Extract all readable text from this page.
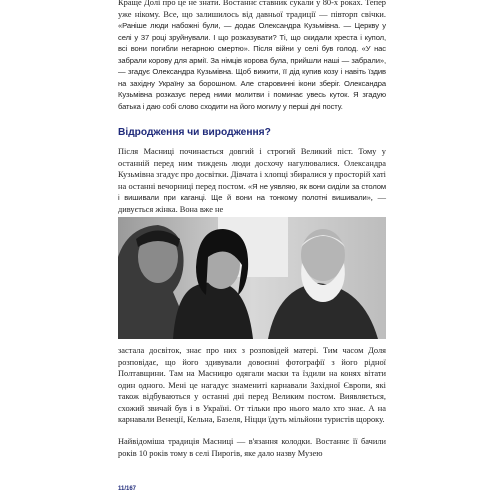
Краще Долі про це не знати. Востаннє ставник сукали у 80-х роках. Тепер уже нікому. Все, що залишилось від давньої традиції — півторп свічки. «Раніше люди набожні були, — додає Олександра Кузьмівна. — Церкву у селі у 37 році зруйнували. І що розказувати? Ті, що скидали хреста і купол, всі вони погибли негарною смертю». Після війни у селі був голод. «У нас забрали корову для армії. За німців корова була, прийшли наші — забрали», — згадує Олександра Кузьмівна. Щоб вижити, її дід купив козу і навіть їздив на захiдну Україну за борошном. Але старовинні ікони зберіг. Олександра Кузьмівна розказує перед ними молитви і поминає увесь куток. Я згадую батька і даю собі слово сходити на його могилу у перші дні посту.

Відродження чи виродження?

Після Масниці починається довгий і строгий Великий піст. Тому у останній перед ним тиждень люди досхочу нагулювалися. Олександра Кузьмівна згадує про досвітки. Дівчата і хлопці збиралися у просторій хаті на останні вечорниці перед постом. «Я не уявляю, як вони сиділи за столом і вишивали при каганці. Ще й вони на тонкому полотні вишивали», — дивується жінка. Вона вже не

застала досвіток, знає про них з розповідей матері. Тим часом Доля розповідає, що його здивували довоєнні фотографії з його рідної Полтавщини. Там на Масницю одягали маски та їздили на конях вітати один одного. Мені це нагадує знаменитi карнавали Західної Європи, які також відбуваються у останні дні перед Великим постом. Виявляється, схожий звичай був і в Україні. От тільки про нього мало хто знає. А на карнавали Венеції, Кельна, Базеля, Ніцци їдуть мільйони туристів щороку.

Найвідоміша традиція Масниці — в'язання колодки. Востаннє її бачили років 10 років тому в селі Пирогів, яке дало назву Музею

11/167
